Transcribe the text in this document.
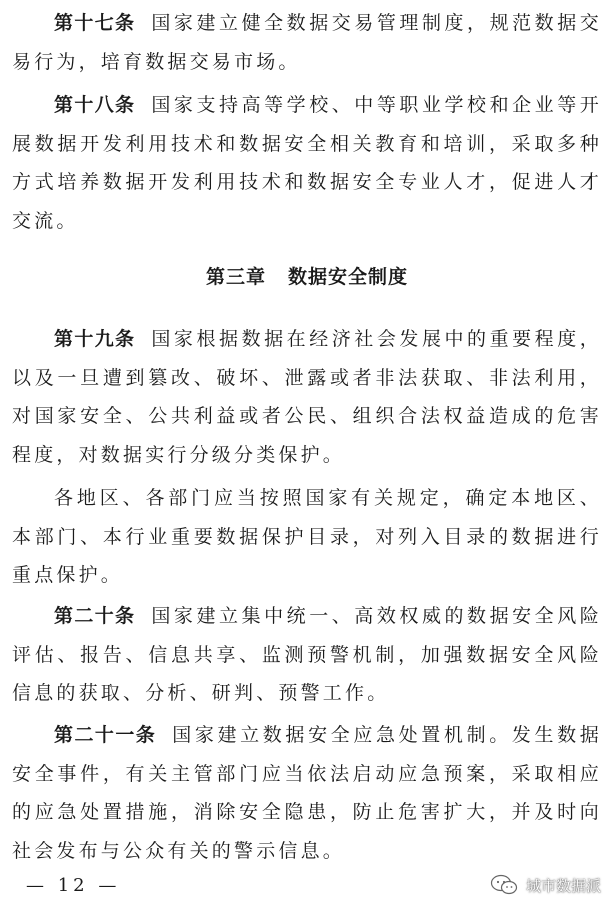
第十七条 国家建立健全数据交易管理制度，规范数据交易行为，培育数据交易市场。

第十八条 国家支持高等学校、中等职业学校和企业等开展数据开发利用技术和数据安全相关教育和培训，采取多种方式培养数据开发利用技术和数据安全专业人才，促进人才交流。

第三章 数据安全制度

第十九条 国家根据数据在经济社会发展中的重要程度，以及一旦遭到篡改、破坏、泄露或者非法获取、非法利用，对国家安全、公共利益或者公民、组织合法权益造成的危害程度，对数据实行分级分类保护。

各地区、各部门应当按照国家有关规定，确定本地区、本部门、本行业重要数据保护目录，对列入目录的数据进行重点保护。

第二十条 国家建立集中统一、高效权威的数据安全风险评估、报告、信息共享、监测预警机制，加强数据安全风险信息的获取、分析、研判、预警工作。

第二十一条 国家建立数据安全应急处置机制。发生数据安全事件，有关主管部门应当依法启动应急预案，采取相应的应急处置措施，消除安全隐患，防止危害扩大，并及时向社会发布与公众有关的警示信息。

— 12 —	城市数据派
